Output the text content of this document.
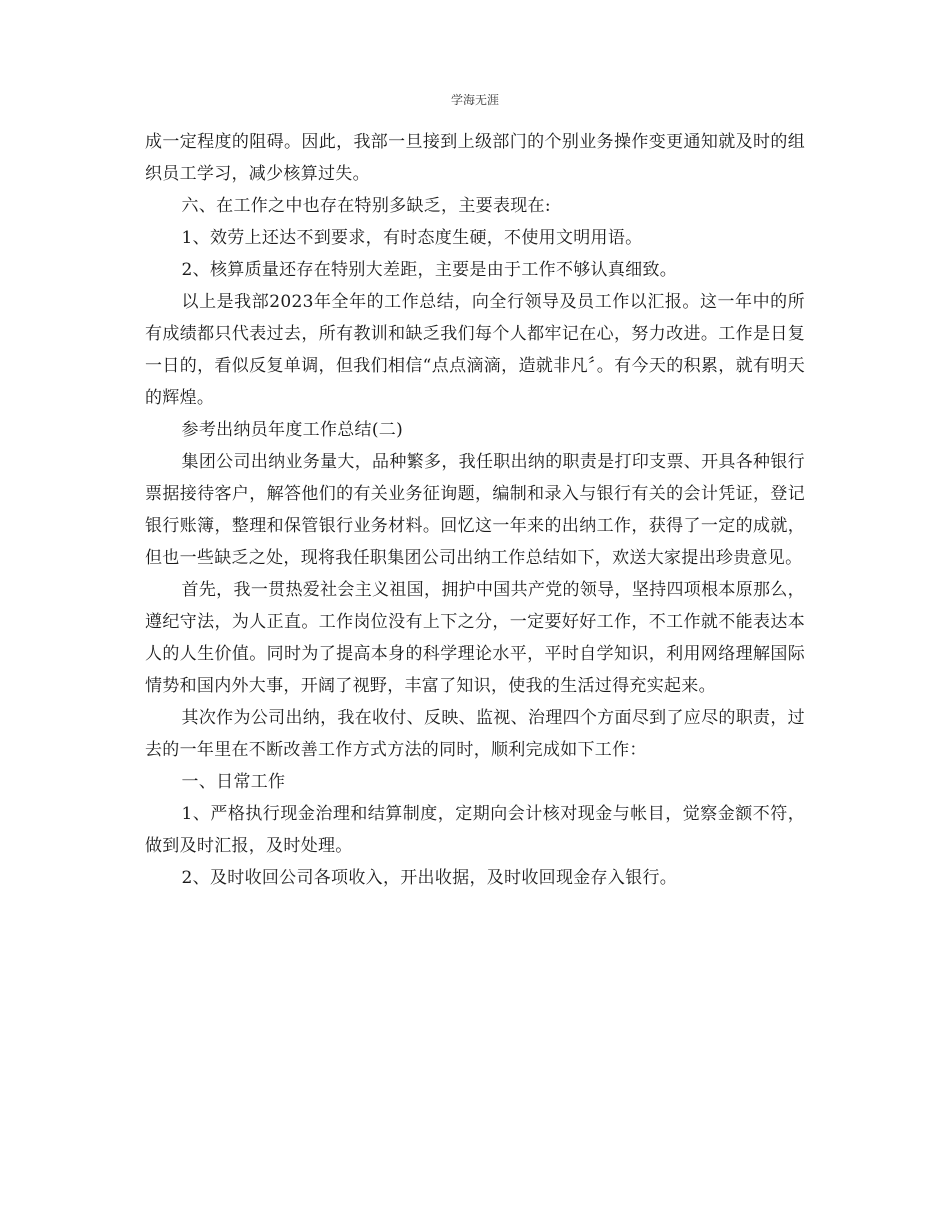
学海无涯

成一定程度的阻碍。因此，我部一旦接到上级部门的个别业务操作变更通知就及时的组织员工学习，减少核算过失。

六、在工作之中也存在特别多缺乏，主要表现在:

1、效劳上还达不到要求，有时态度生硬，不使用文明用语。

2、核算质量还存在特别大差距，主要是由于工作不够认真细致。

以上是我部2023年全年的工作总结，向全行领导及员工作以汇报。这一年中的所有成绩都只代表过去，所有教训和缺乏我们每个人都牢记在心，努力改进。工作是日复一日的，看似反复单调，但我们相信“点点滴滴，造就非凡〞。有今天的积累，就有明天的辉煌。

参考出纳员年度工作总结(二)

集团公司出纳业务量大，品种繁多，我任职出纳的职责是打印支票、开具各种银行票据接待客户，解答他们的有关业务征询题，编制和录入与银行有关的会计凭证，登记银行账簿，整理和保管银行业务材料。回忆这一年来的出纳工作，获得了一定的成就，但也一些缺乏之处，现将我任职集团公司出纳工作总结如下，欢送大家提出珍贵意见。

首先，我一贯热爱社会主义祖国，拥护中国共产党的领导，坚持四项根本原那么，遵纪守法，为人正直。工作岗位没有上下之分，一定要好好工作，不工作就不能表达本人的人生价值。同时为了提高本身的科学理论水平，平时自学知识，利用网络理解国际情势和国内外大事，开阔了视野，丰富了知识，使我的生活过得充实起来。

其次作为公司出纳，我在收付、反映、监视、治理四个方面尽到了应尽的职责，过去的一年里在不断改善工作方式方法的同时，顺利完成如下工作：

一、日常工作

1、严格执行现金治理和结算制度，定期向会计核对现金与帐目，觉察金额不符，做到及时汇报，及时处理。

2、及时收回公司各项收入，开出收据，及时收回现金存入银行。
